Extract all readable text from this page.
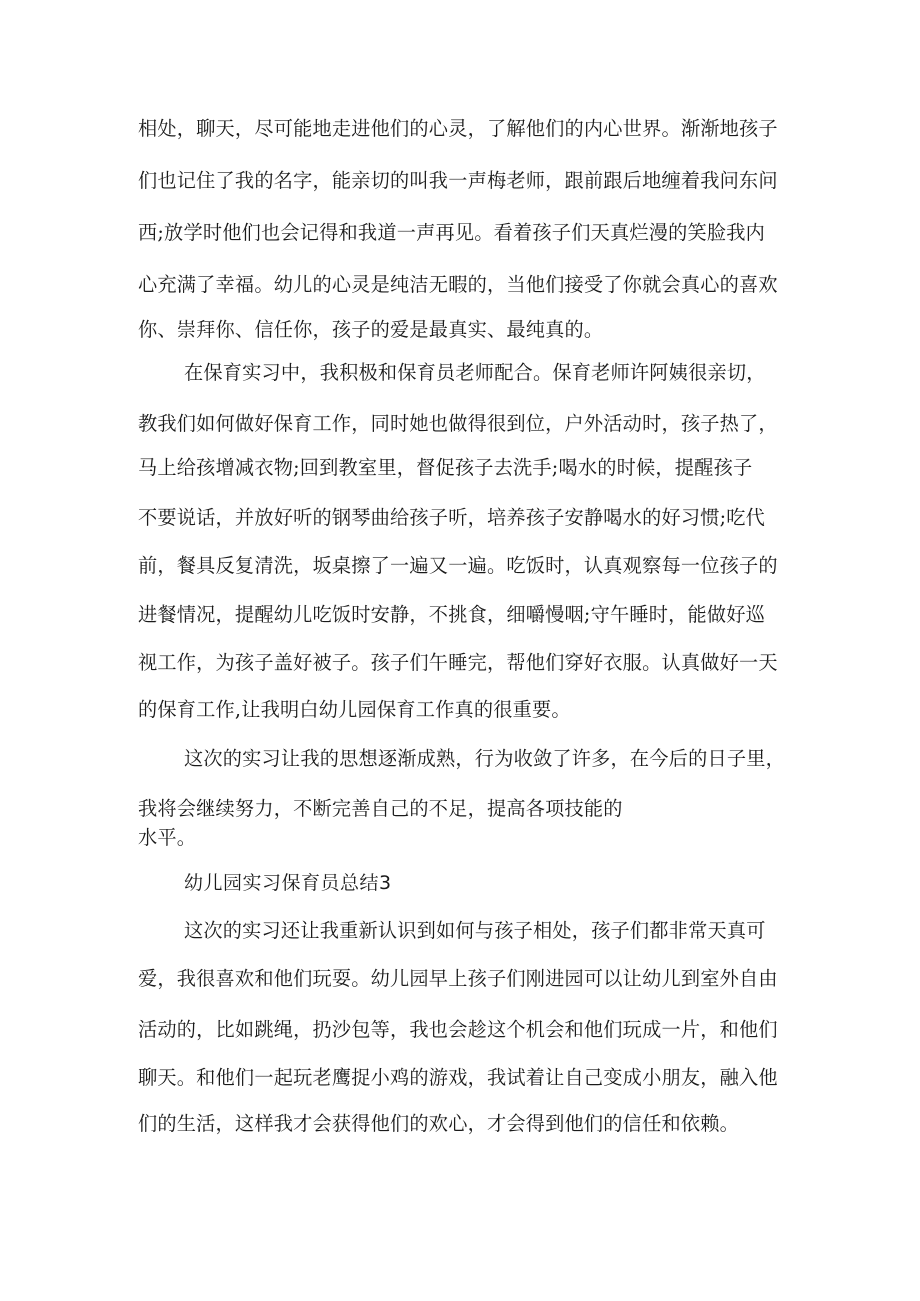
相处，聊天，尽可能地走进他们的心灵，了解他们的内心世界。渐渐地孩子
们也记住了我的名字，能亲切的叫我一声梅老师，跟前跟后地缠着我问东问
西;放学时他们也会记得和我道一声再见。看着孩子们天真烂漫的笑脸我内
心充满了幸福。幼儿的心灵是纯洁无暇的，当他们接受了你就会真心的喜欢
你、崇拜你、信任你，孩子的爱是最真实、最纯真的。
在保育实习中，我积极和保育员老师配合。保育老师许阿姨很亲切，
教我们如何做好保育工作，同时她也做得很到位，户外活动时，孩子热了，
马上给孩增减衣物;回到教室里，督促孩子去洗手;喝水的时候，提醒孩子
不要说话，并放好听的钢琴曲给孩子听，培养孩子安静喝水的好习惯;吃代
前，餐具反复清洗，坂桌擦了一遍又一遍。吃饭时，认真观察每一位孩子的
进餐情况，提醒幼儿吃饭时安静，不挑食，细嚼慢咽;守午睡时，能做好巡
视工作，为孩子盖好被子。孩子们午睡完，帮他们穿好衣服。认真做好一天
的保育工作,让我明白幼儿园保育工作真的很重要。
这次的实习让我的思想逐渐成熟，行为收敛了许多，在今后的日子里，
我将会继续努力，不断完善自己的不足，提高各项技能的
水平。
幼儿园实习保育员总结3
这次的实习还让我重新认识到如何与孩子相处，孩子们都非常天真可
爱，我很喜欢和他们玩耍。幼儿园早上孩子们刚进园可以让幼儿到室外自由
活动的，比如跳绳，扔沙包等，我也会趁这个机会和他们玩成一片，和他们
聊天。和他们一起玩老鹰捉小鸡的游戏，我试着让自己变成小朋友，融入他
们的生活，这样我才会获得他们的欢心，才会得到他们的信任和依赖。
